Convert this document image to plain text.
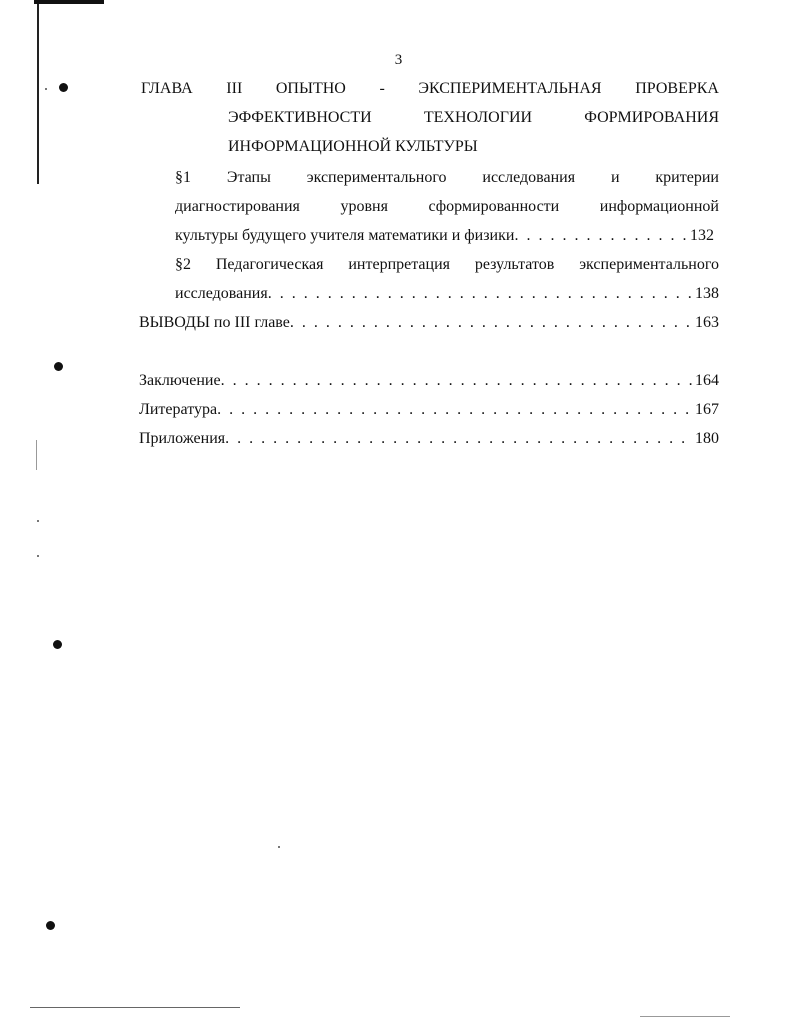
3
ГЛАВА III ОПЫТНО - ЭКСПЕРИМЕНТАЛЬНАЯ ПРОВЕРКА
ЭФФЕКТИВНОСТИ	ТЕХНОЛОГИИ	ФОРМИРОВАНИЯ
ИНФОРМАЦИОННОЙ КУЛЬТУРЫ
§1 Этапы экспериментального исследования и критерии
диагностирования	уровня	сформированности	информационной
культуры будущего учителя математики и физики . . .	132
§2 Педагогическая интерпретация результатов экспериментального
исследования . . .	138
ВЫВОДЫ по III главе . . .	163
Заключение . . .	164
Литература . . .	167
Приложения . . .	180
